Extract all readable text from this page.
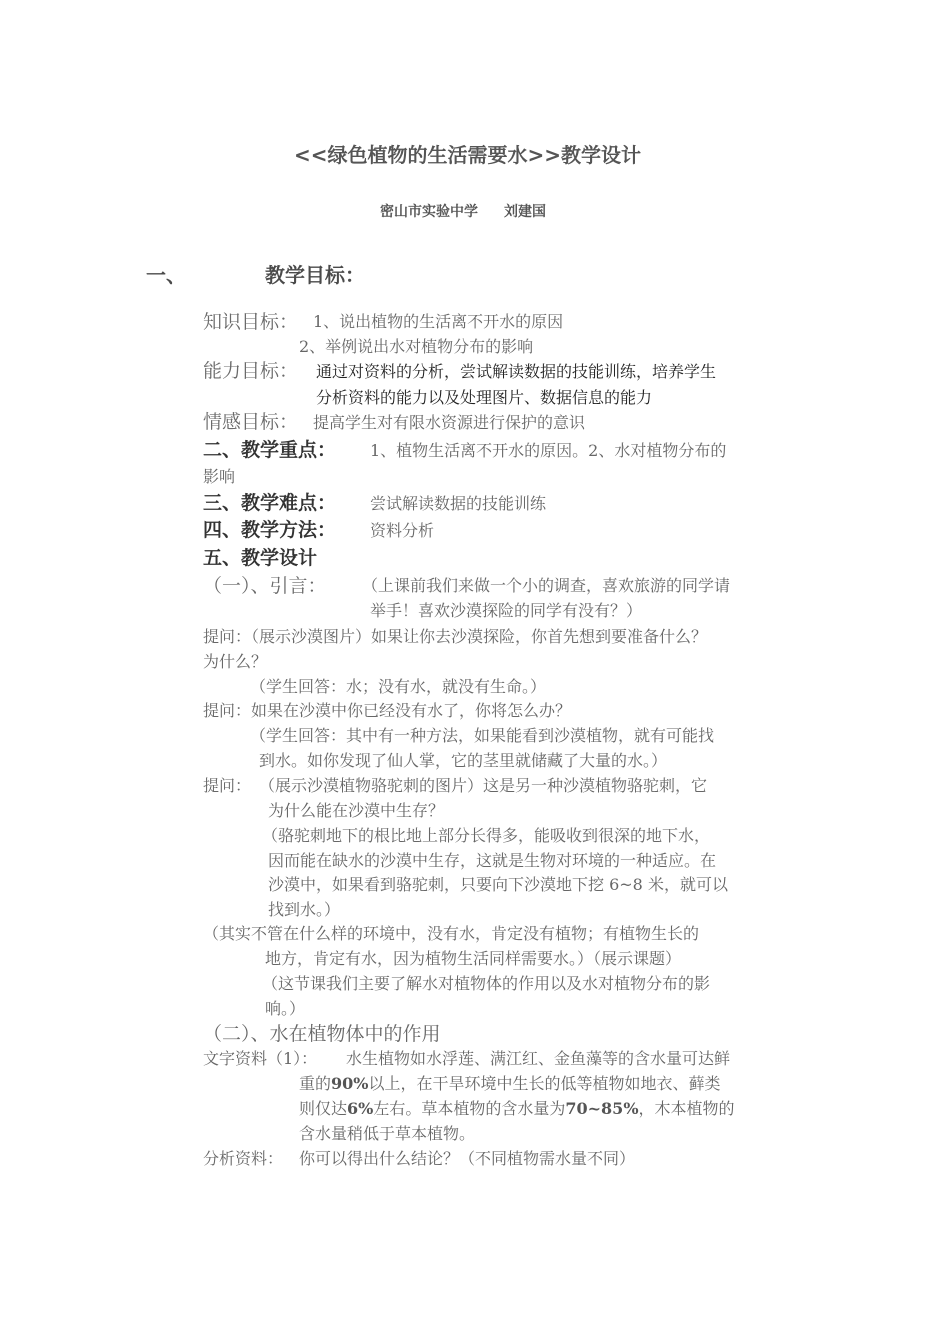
<<绿色植物的生活需要水>>教学设计
密山市实验中学 刘建国
一、	教学目标：
知识目标： 1、说出植物的生活离不开水的原因
2、举例说出水对植物分布的影响
能力目标： 通过对资料的分析，尝试解读数据的技能训练，培养学生
分析资料的能力以及处理图片、数据信息的能力
情感目标： 提高学生对有限水资源进行保护的意识
二、教学重点： 1、植物生活离不开水的原因。2、水对植物分布的
影响
三、教学难点： 尝试解读数据的技能训练
四、教学方法： 资料分析
五、教学设计
（一）、引言： （上课前我们来做一个小的调查，喜欢旅游的同学请
举手！喜欢沙漠探险的同学有没有？）
提问：（展示沙漠图片）如果让你去沙漠探险，你首先想到要准备什么？
为什么？
（学生回答：水；没有水，就没有生命。）
提问：如果在沙漠中你已经没有水了，你将怎么办？
（学生回答：其中有一种方法，如果能看到沙漠植物，就有可能找
到水。如你发现了仙人掌，它的茎里就储藏了大量的水。）
提问： （展示沙漠植物骆驼刺的图片）这是另一种沙漠植物骆驼刺，它
为什么能在沙漠中生存？
（骆驼刺地下的根比地上部分长得多，能吸收到很深的地下水，
因而能在缺水的沙漠中生存，这就是生物对环境的一种适应。在
沙漠中，如果看到骆驼刺，只要向下沙漠地下挖 6~8 米，就可以
找到水。）
（其实不管在什么样的环境中，没有水，肯定没有植物；有植物生长的
地方，肯定有水，因为植物生活同样需要水。）（展示课题）
（这节课我们主要了解水对植物体的作用以及水对植物分布的影
响。）
（二）、水在植物体中的作用
文字资料（1）： 水生植物如水浮莲、满江红、金鱼藻等的含水量可达鲜
重的90%以上，在干旱环境中生长的低等植物如地衣、藓类
则仅达6%左右。草本植物的含水量为70~85%，木本植物的
含水量稍低于草本植物。
分析资料： 你可以得出什么结论？（不同植物需水量不同）
